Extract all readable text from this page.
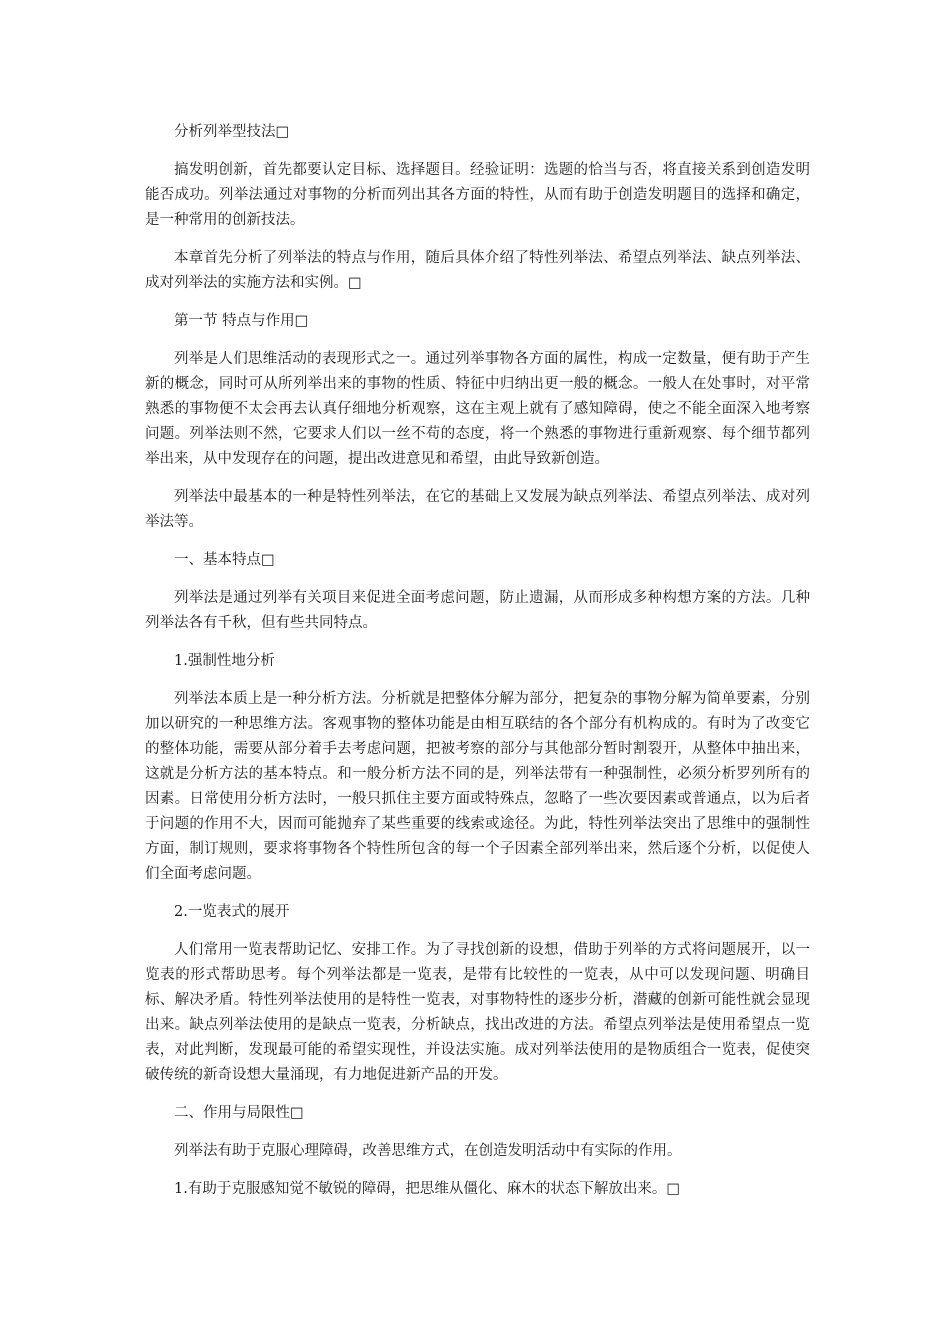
分析列举型技法□

搞发明创新，首先都要认定目标、选择题目。经验证明：选题的恰当与否，将直接关系到创造发明能否成功。列举法通过对事物的分析而列出其各方面的特性，从而有助于创造发明题目的选择和确定，是一种常用的创新技法。

本章首先分析了列举法的特点与作用，随后具体介绍了特性列举法、希望点列举法、缺点列举法、成对列举法的实施方法和实例。□

第一节 特点与作用□

列举是人们思维活动的表现形式之一。通过列举事物各方面的属性，构成一定数量，便有助于产生新的概念，同时可从所列举出来的事物的性质、特征中归纳出更一般的概念。一般人在处事时，对平常熟悉的事物便不太会再去认真仔细地分析观察，这在主观上就有了感知障碍，使之不能全面深入地考察问题。列举法则不然，它要求人们以一丝不苟的态度，将一个熟悉的事物进行重新观察、每个细节都列举出来，从中发现存在的问题，提出改进意见和希望，由此导致新创造。

列举法中最基本的一种是特性列举法，在它的基础上又发展为缺点列举法、希望点列举法、成对列举法等。

一、基本特点□

列举法是通过列举有关项目来促进全面考虑问题，防止遗漏，从而形成多种构想方案的方法。几种列举法各有千秋，但有些共同特点。

1.强制性地分析

列举法本质上是一种分析方法。分析就是把整体分解为部分，把复杂的事物分解为简单要素，分别加以研究的一种思维方法。客观事物的整体功能是由相互联结的各个部分有机构成的。有时为了改变它的整体功能，需要从部分着手去考虑问题，把被考察的部分与其他部分暂时割裂开，从整体中抽出来，这就是分析方法的基本特点。和一般分析方法不同的是，列举法带有一种强制性，必须分析罗列所有的因素。日常使用分析方法时，一般只抓住主要方面或特殊点，忽略了一些次要因素或普通点，以为后者于问题的作用不大，因而可能抛弃了某些重要的线索或途径。为此，特性列举法突出了思维中的强制性方面，制订规则，要求将事物各个特性所包含的每一个子因素全部列举出来，然后逐个分析，以促使人们全面考虑问题。

2.一览表式的展开

人们常用一览表帮助记忆、安排工作。为了寻找创新的设想，借助于列举的方式将问题展开，以一览表的形式帮助思考。每个列举法都是一览表，是带有比较性的一览表，从中可以发现问题、明确目标、解决矛盾。特性列举法使用的是特性一览表，对事物特性的逐步分析，潜藏的创新可能性就会显现出来。缺点列举法使用的是缺点一览表，分析缺点，找出改进的方法。希望点列举法是使用希望点一览表，对此判断，发现最可能的希望实现性，并设法实施。成对列举法使用的是物质组合一览表，促使突破传统的新奇设想大量涌现，有力地促进新产品的开发。

二、作用与局限性□

列举法有助于克服心理障碍，改善思维方式，在创造发明活动中有实际的作用。

1.有助于克服感知觉不敏锐的障碍，把思维从僵化、麻木的状态下解放出来。□
